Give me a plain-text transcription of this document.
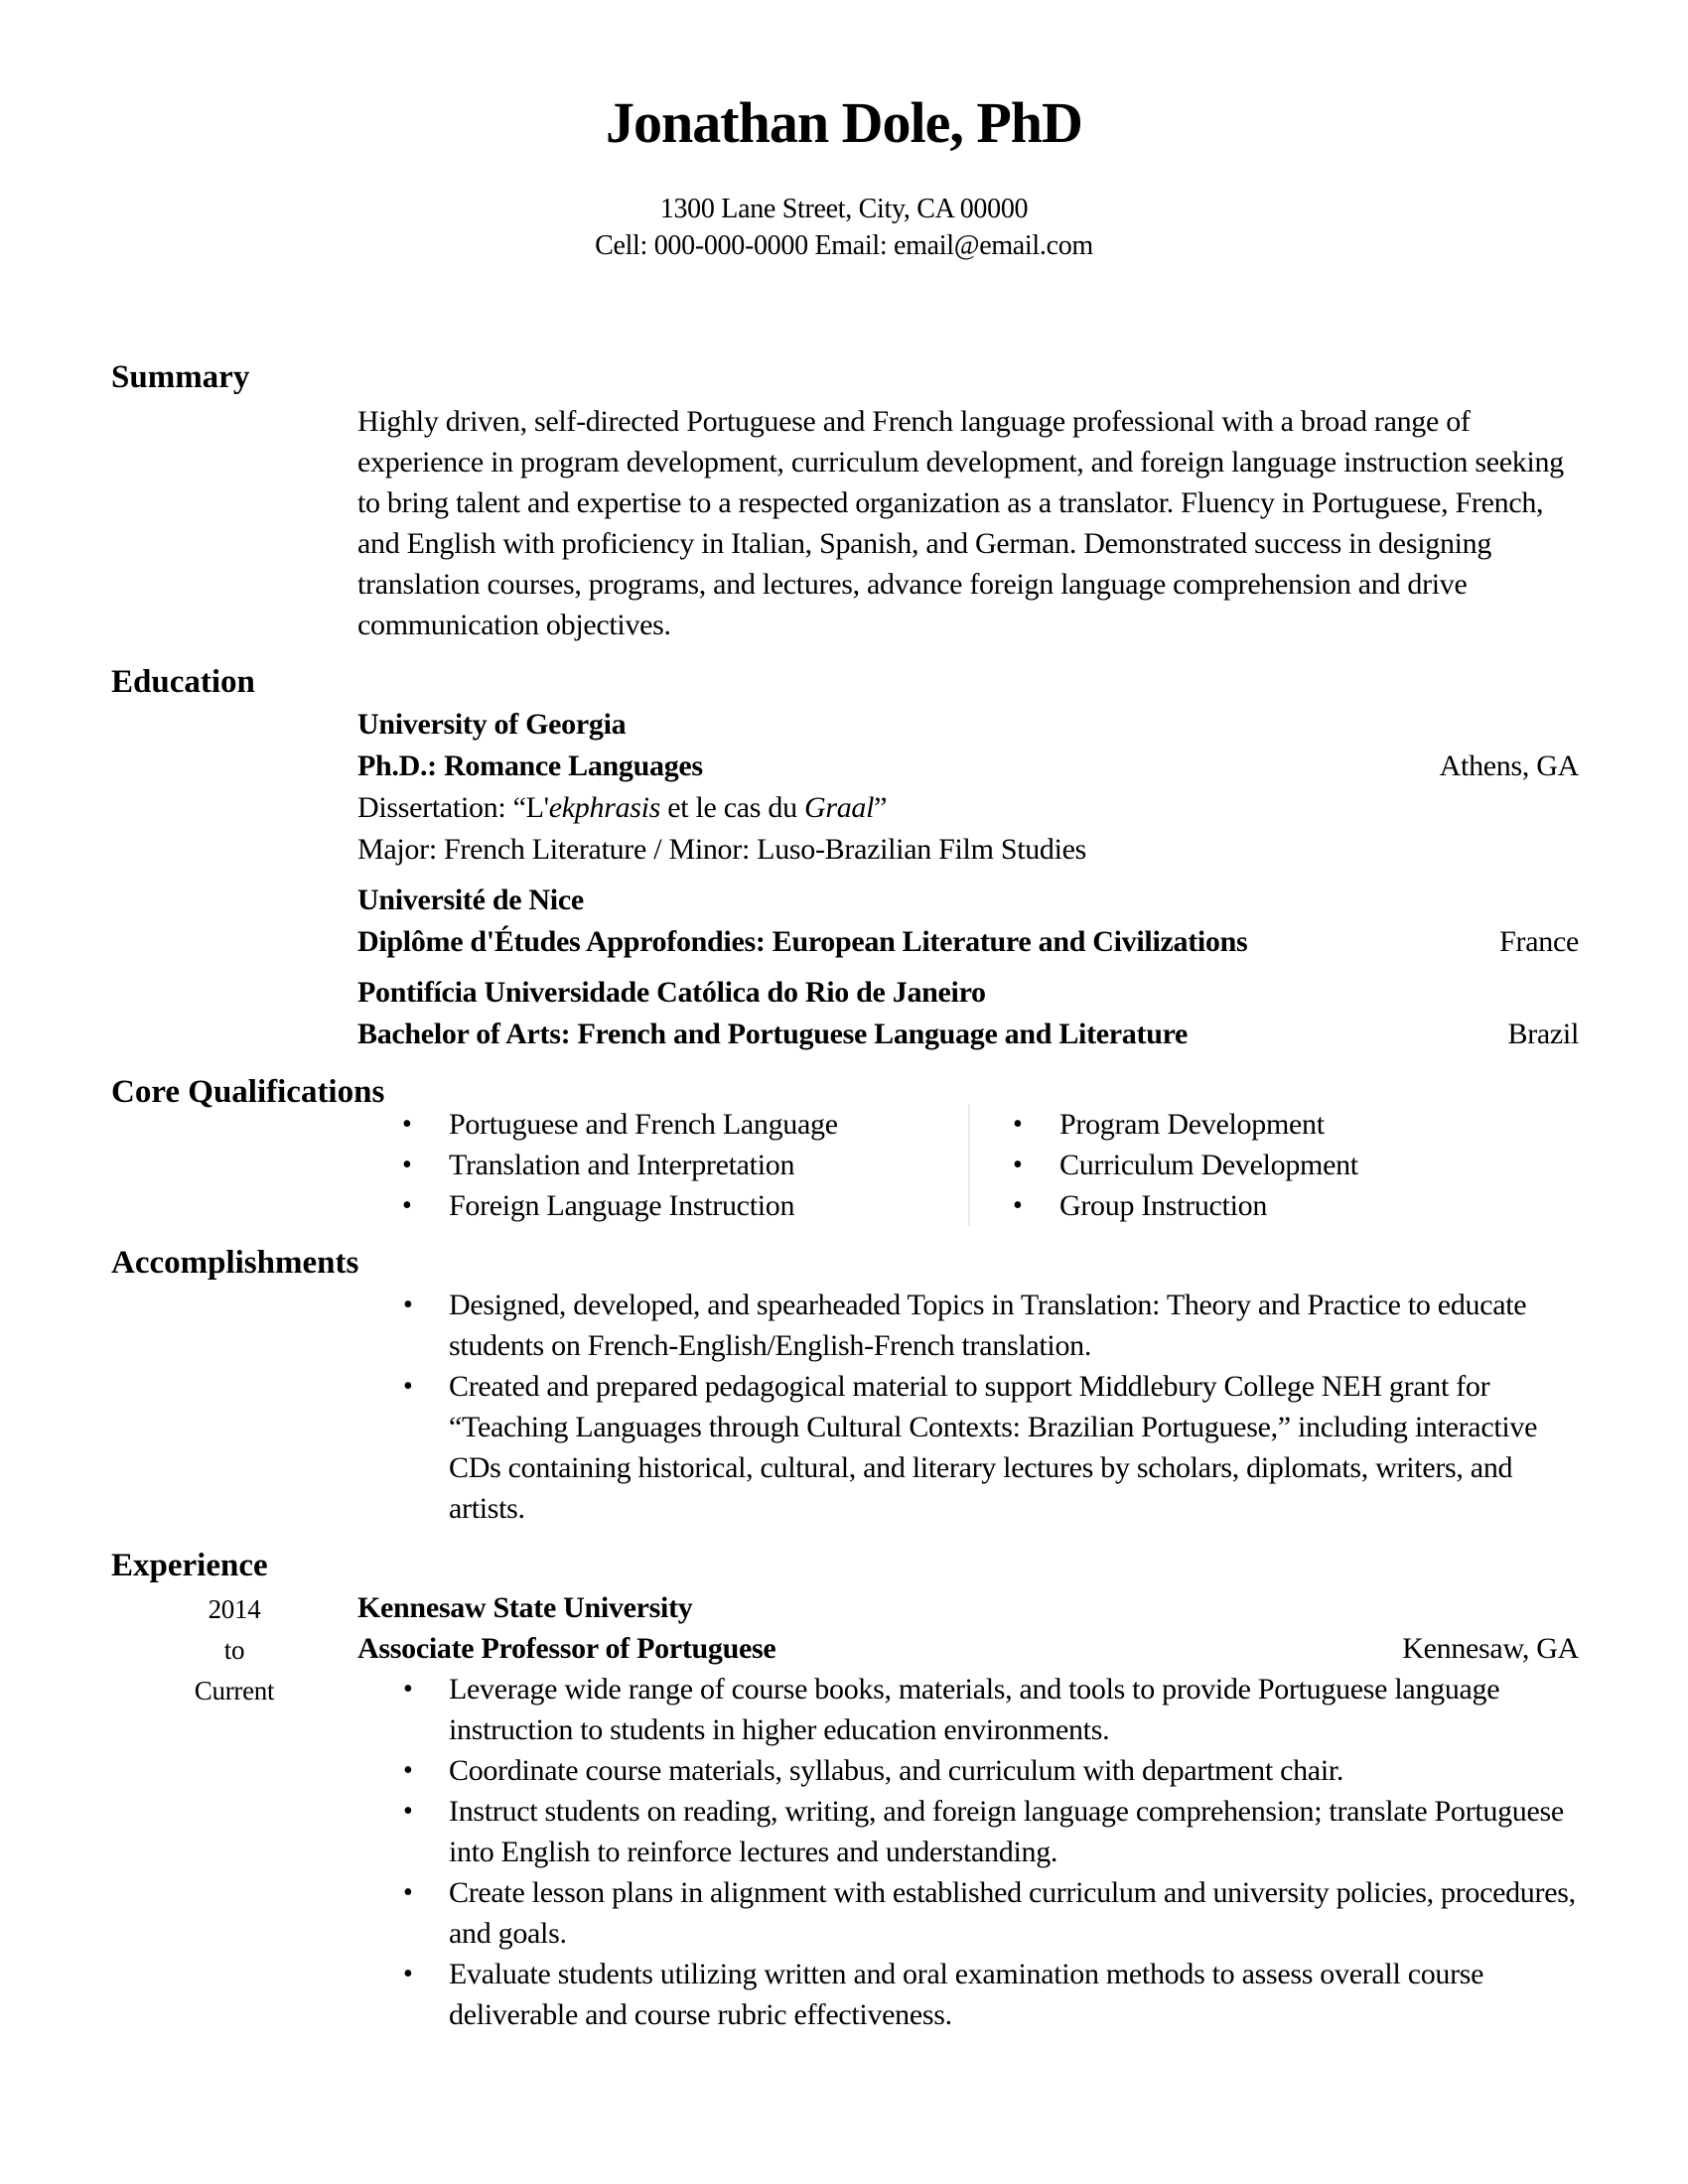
Jonathan Dole, PhD
1300 Lane Street, City, CA 00000
Cell: 000-000-0000 Email: email@email.com
Summary

Highly driven, self-directed Portuguese and French language professional with a broad range of experience in program development, curriculum development, and foreign language instruction seeking to bring talent and expertise to a respected organization as a translator. Fluency in Portuguese, French, and English with proficiency in Italian, Spanish, and German. Demonstrated success in designing translation courses, programs, and lectures, advance foreign language comprehension and drive communication objectives.

Education
University of Georgia
Ph.D.: Romance Languages	Athens, GA
Dissertation: “L'ekphrasis et le cas du Graal”
Major: French Literature / Minor: Luso-Brazilian Film Studies
Université de Nice
Diplôme d'Études Approfondies: European Literature and Civilizations	France
Pontifícia Universidade Católica do Rio de Janeiro
Bachelor of Arts: French and Portuguese Language and Literature	Brazil
Core Qualifications
• Portuguese and French Language
• Translation and Interpretation
• Foreign Language Instruction
• Program Development
• Curriculum Development
• Group Instruction
Accomplishments
• Designed, developed, and spearheaded Topics in Translation: Theory and Practice to educate students on French-English/English-French translation.
• Created and prepared pedagogical material to support Middlebury College NEH grant for “Teaching Languages through Cultural Contexts: Brazilian Portuguese,” including interactive CDs containing historical, cultural, and literary lectures by scholars, diplomats, writers, and artists.
Experience
2014
to
Current
Kennesaw State University
Associate Professor of Portuguese	Kennesaw, GA
• Leverage wide range of course books, materials, and tools to provide Portuguese language instruction to students in higher education environments.
• Coordinate course materials, syllabus, and curriculum with department chair.
• Instruct students on reading, writing, and foreign language comprehension; translate Portuguese into English to reinforce lectures and understanding.
• Create lesson plans in alignment with established curriculum and university policies, procedures, and goals.
• Evaluate students utilizing written and oral examination methods to assess overall course deliverable and course rubric effectiveness.
